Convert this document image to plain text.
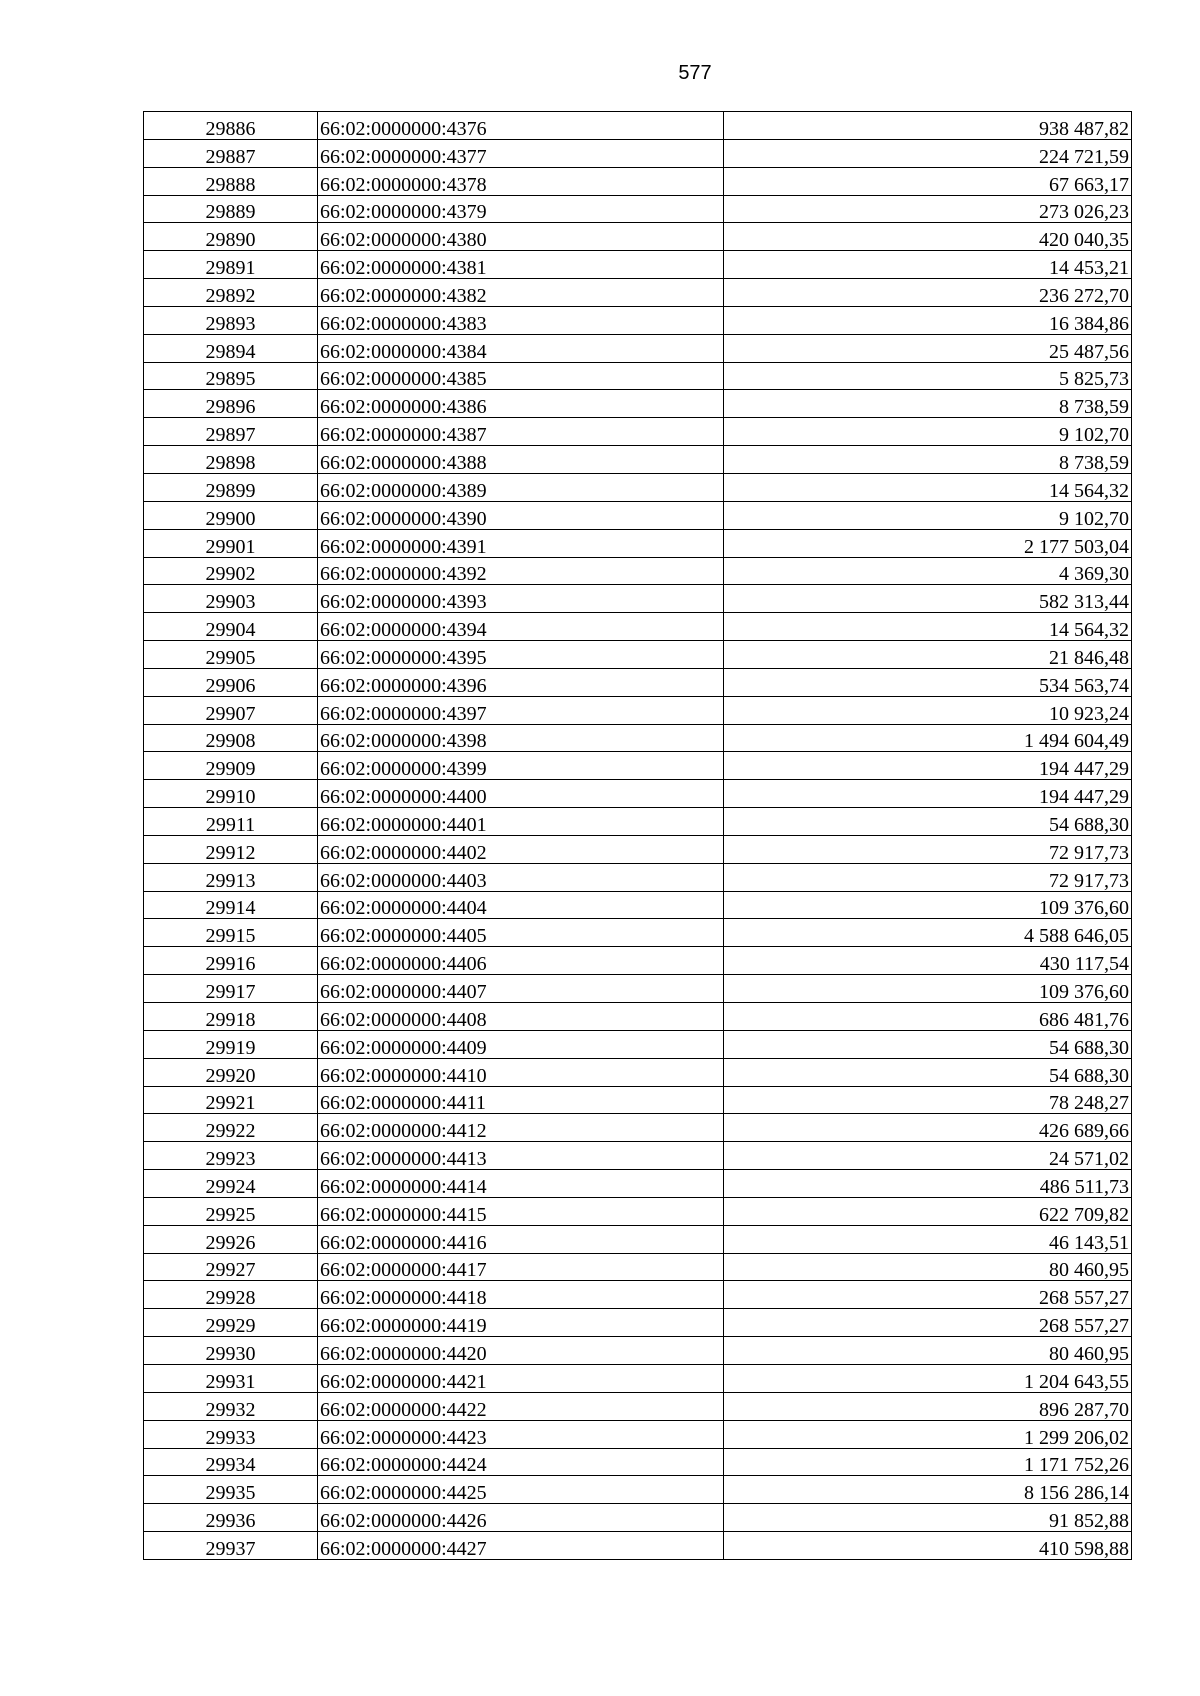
577
29886	66:02:0000000:4376	938 487,82
29887	66:02:0000000:4377	224 721,59
29888	66:02:0000000:4378	67 663,17
29889	66:02:0000000:4379	273 026,23
29890	66:02:0000000:4380	420 040,35
29891	66:02:0000000:4381	14 453,21
29892	66:02:0000000:4382	236 272,70
29893	66:02:0000000:4383	16 384,86
29894	66:02:0000000:4384	25 487,56
29895	66:02:0000000:4385	5 825,73
29896	66:02:0000000:4386	8 738,59
29897	66:02:0000000:4387	9 102,70
29898	66:02:0000000:4388	8 738,59
29899	66:02:0000000:4389	14 564,32
29900	66:02:0000000:4390	9 102,70
29901	66:02:0000000:4391	2 177 503,04
29902	66:02:0000000:4392	4 369,30
29903	66:02:0000000:4393	582 313,44
29904	66:02:0000000:4394	14 564,32
29905	66:02:0000000:4395	21 846,48
29906	66:02:0000000:4396	534 563,74
29907	66:02:0000000:4397	10 923,24
29908	66:02:0000000:4398	1 494 604,49
29909	66:02:0000000:4399	194 447,29
29910	66:02:0000000:4400	194 447,29
29911	66:02:0000000:4401	54 688,30
29912	66:02:0000000:4402	72 917,73
29913	66:02:0000000:4403	72 917,73
29914	66:02:0000000:4404	109 376,60
29915	66:02:0000000:4405	4 588 646,05
29916	66:02:0000000:4406	430 117,54
29917	66:02:0000000:4407	109 376,60
29918	66:02:0000000:4408	686 481,76
29919	66:02:0000000:4409	54 688,30
29920	66:02:0000000:4410	54 688,30
29921	66:02:0000000:4411	78 248,27
29922	66:02:0000000:4412	426 689,66
29923	66:02:0000000:4413	24 571,02
29924	66:02:0000000:4414	486 511,73
29925	66:02:0000000:4415	622 709,82
29926	66:02:0000000:4416	46 143,51
29927	66:02:0000000:4417	80 460,95
29928	66:02:0000000:4418	268 557,27
29929	66:02:0000000:4419	268 557,27
29930	66:02:0000000:4420	80 460,95
29931	66:02:0000000:4421	1 204 643,55
29932	66:02:0000000:4422	896 287,70
29933	66:02:0000000:4423	1 299 206,02
29934	66:02:0000000:4424	1 171 752,26
29935	66:02:0000000:4425	8 156 286,14
29936	66:02:0000000:4426	91 852,88
29937	66:02:0000000:4427	410 598,88
